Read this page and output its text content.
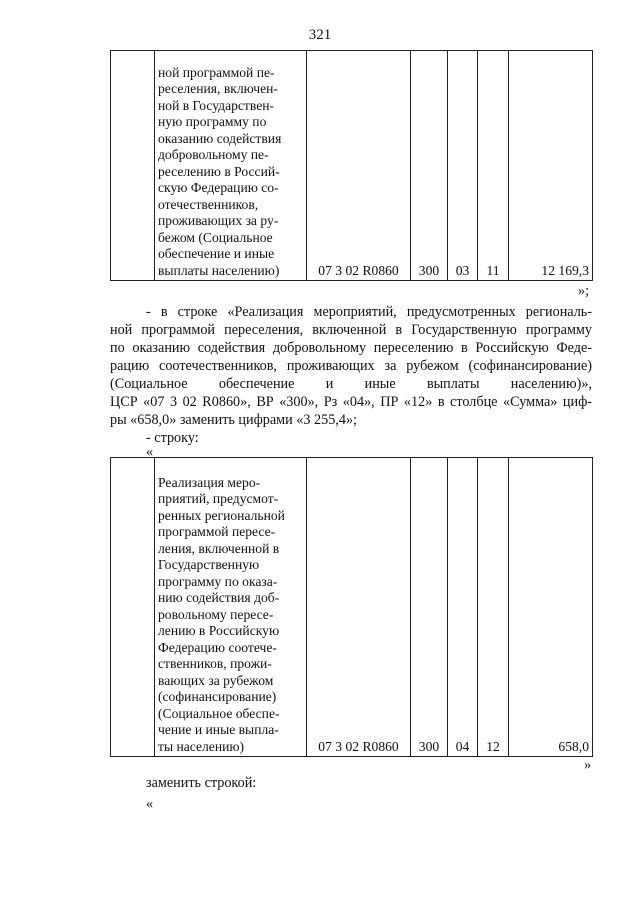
321

ной программой пе-
реселения, включен-
ной в Государствен-
ную программу по
оказанию содействия
добровольному пе-
реселению в Россий-
скую Федерацию со-
отечественников,
проживающих за ру-
бежом (Социальное
обеспечение и иные
выплаты населению)	07 3 02 R0860	300	03	11	12 169,3
»;
- в строке «Реализация мероприятий, предусмотренных региональ-
ной программой переселения, включенной в Государственную программу
по оказанию содействия добровольному переселению в Российскую Феде-
рацию соотечественников, проживающих за рубежом (софинансирование)
(Социальное обеспечение и иные выплаты населению)»,
ЦСР «07 3 02 R0860», ВР «300», Рз «04», ПР «12» в столбце «Сумма» циф-
ры «658,0» заменить цифрами «3 255,4»;
- строку:
«

Реализация меро-
приятий, предусмот-
ренных региональной
программой пересе-
ления, включенной в
Государственную
программу по оказа-
нию содействия доб-
ровольному пересе-
лению в Российскую
Федерацию соотече-
ственников, прожи-
вающих за рубежом
(софинансирование)
(Социальное обеспе-
чение и иные выпла-
ты населению)	07 3 02 R0860	300	04	12	658,0
»
заменить строкой:
«
